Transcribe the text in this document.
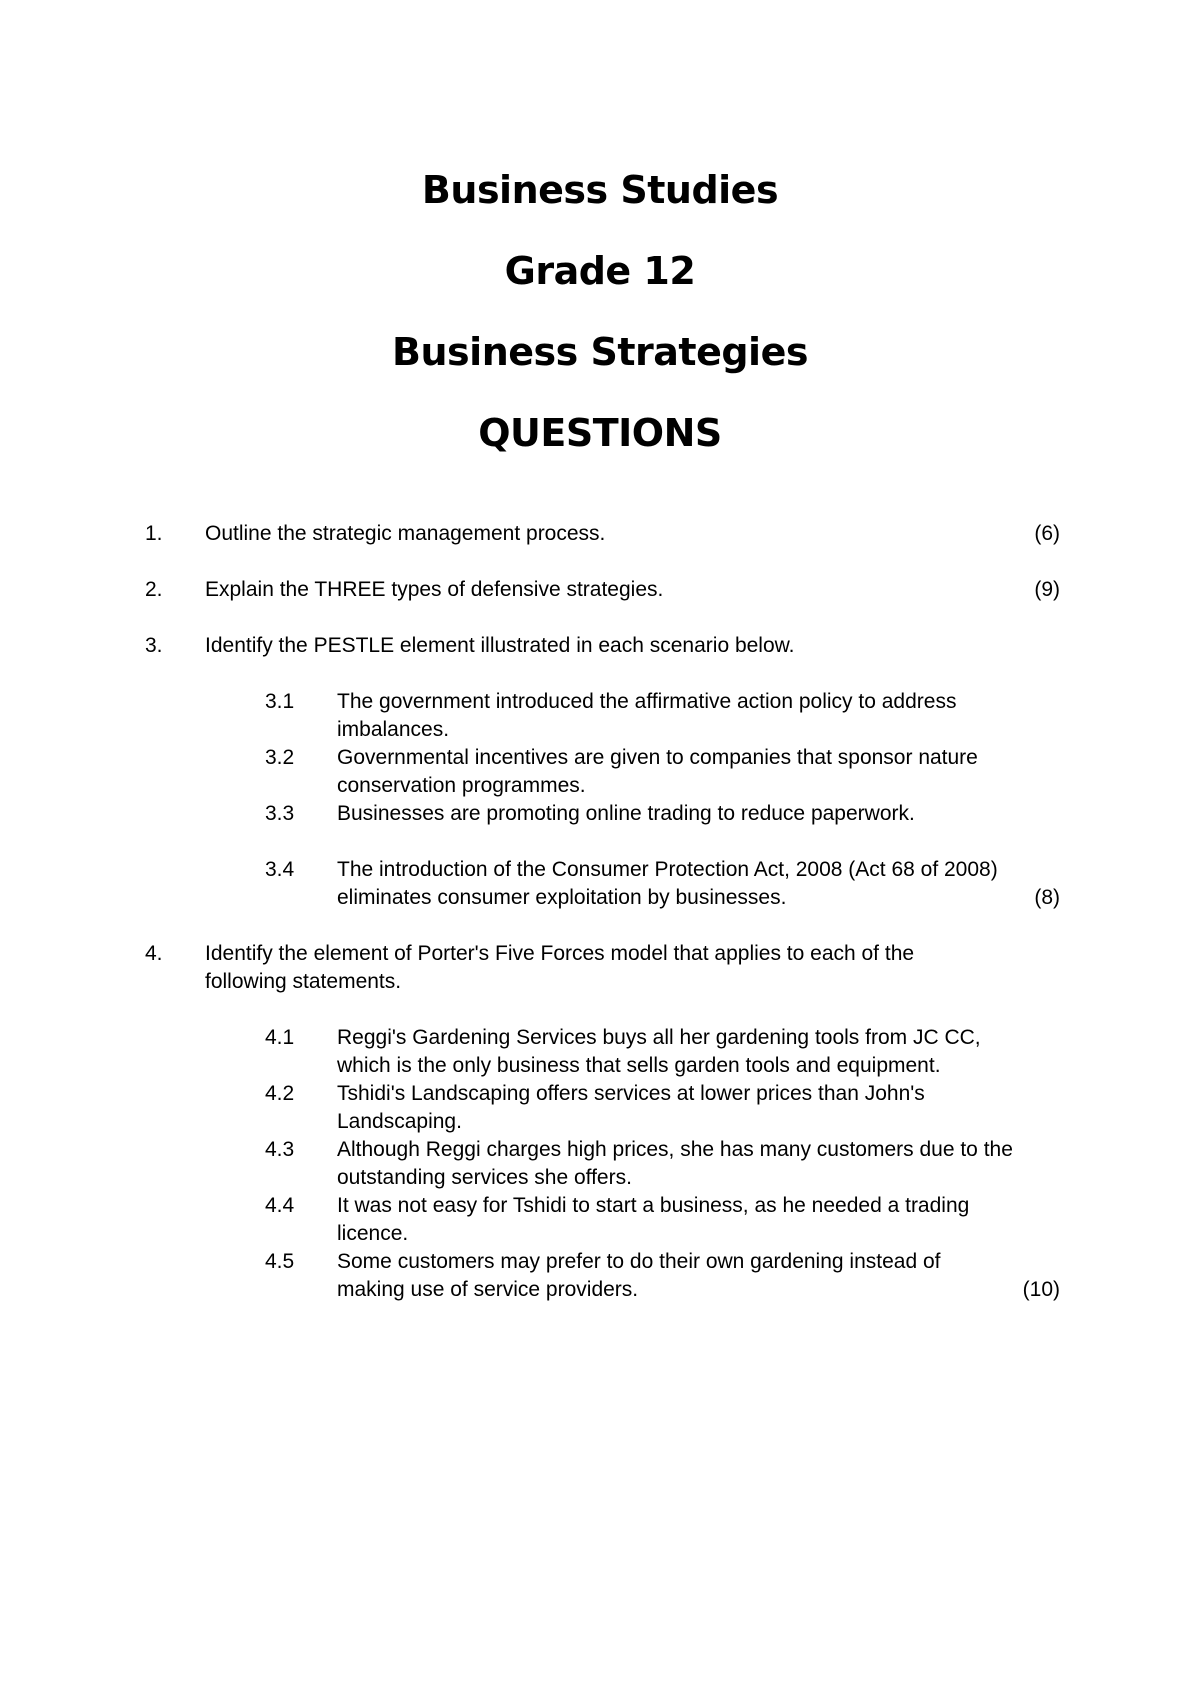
Business Studies
Grade 12
Business Strategies
QUESTIONS
1. Outline the strategic management process.	(6)
2. Explain the THREE types of defensive strategies.	(9)
3. Identify the PESTLE element illustrated in each scenario below.
3.1 The government introduced the affirmative action policy to address imbalances.
3.2 Governmental incentives are given to companies that sponsor nature conservation programmes.
3.3 Businesses are promoting online trading to reduce paperwork.
3.4 The introduction of the Consumer Protection Act, 2008 (Act 68 of 2008) eliminates consumer exploitation by businesses.	(8)
4. Identify the element of Porter's Five Forces model that applies to each of the following statements.
4.1 Reggi's Gardening Services buys all her gardening tools from JC CC, which is the only business that sells garden tools and equipment.
4.2 Tshidi's Landscaping offers services at lower prices than John's Landscaping.
4.3 Although Reggi charges high prices, she has many customers due to the outstanding services she offers.
4.4 It was not easy for Tshidi to start a business, as he needed a trading licence.
4.5 Some customers may prefer to do their own gardening instead of making use of service providers.	(10)
